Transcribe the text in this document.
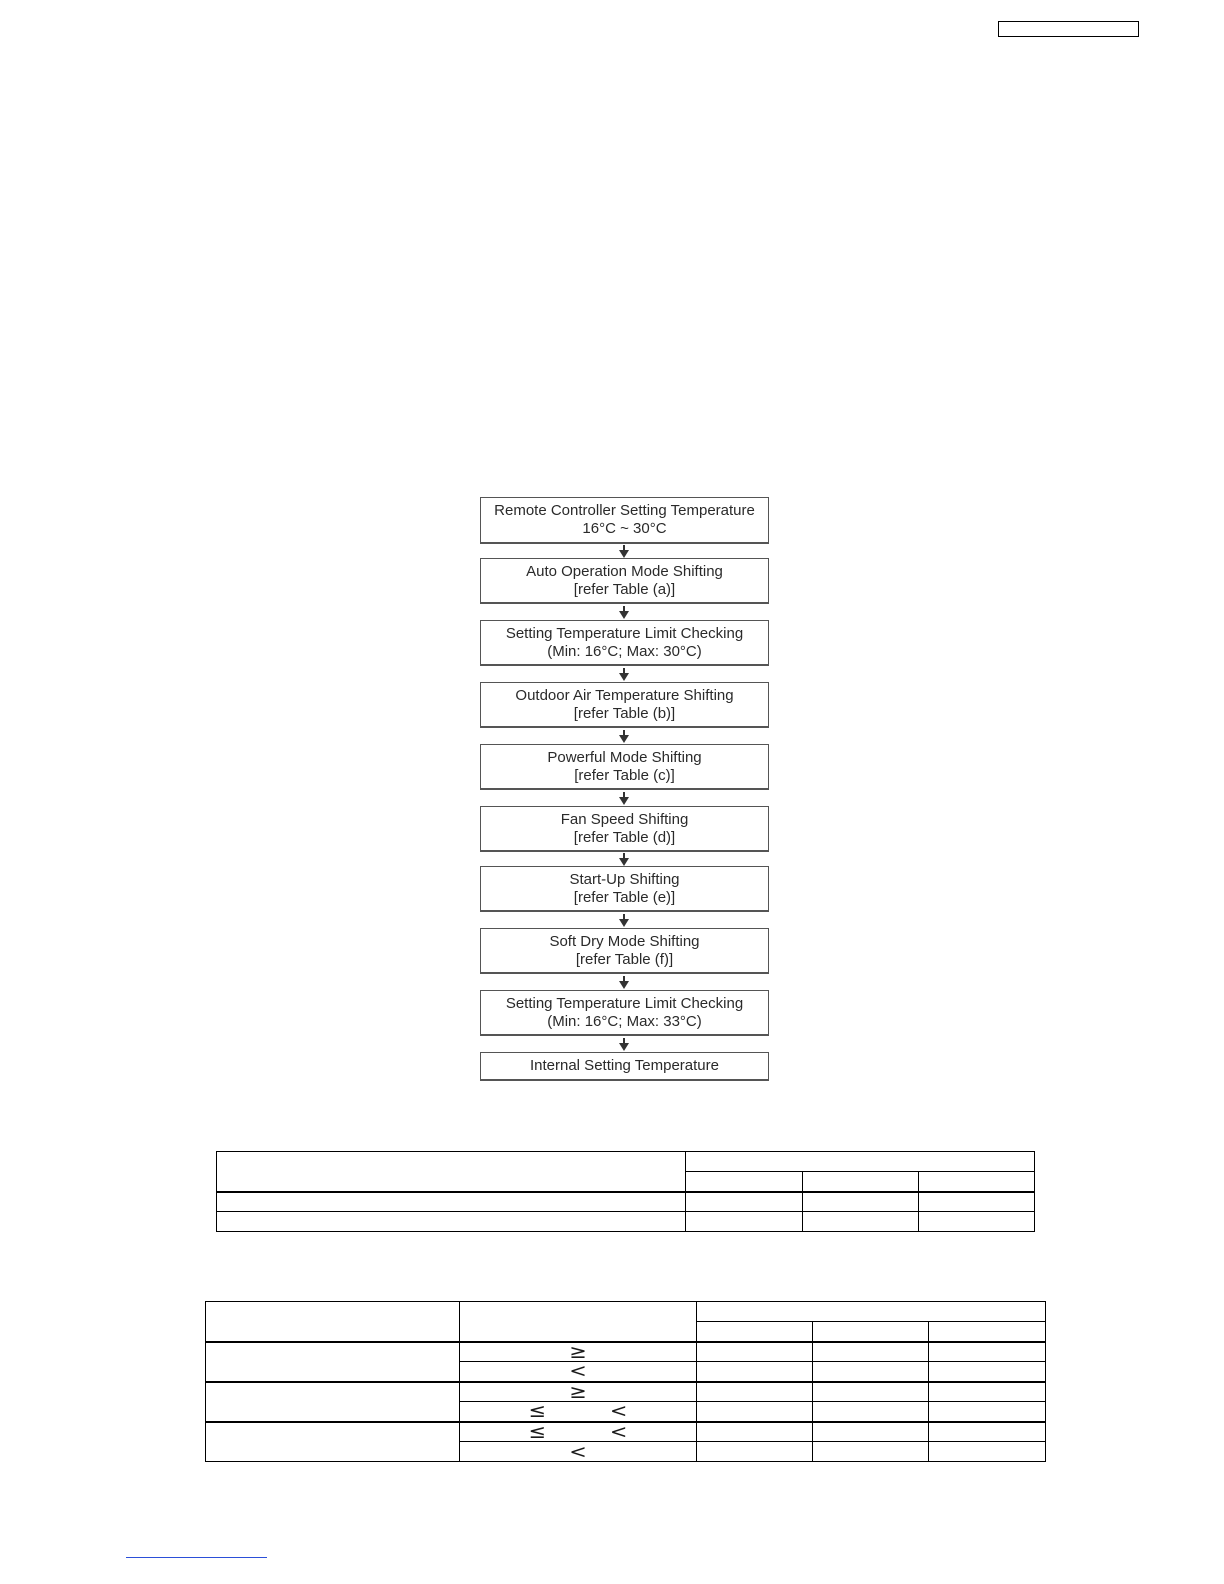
Remote Controller Setting Temperature
16°C ~ 30°C
Auto Operation Mode Shifting
[refer Table (a)]
Setting Temperature Limit Checking
(Min: 16°C; Max: 30°C)
Outdoor Air Temperature Shifting
[refer Table (b)]
Powerful Mode Shifting
[refer Table (c)]
Fan Speed Shifting
[refer Table (d)]
Start-Up Shifting
[refer Table (e)]
Soft Dry Mode Shifting
[refer Table (f)]
Setting Temperature Limit Checking
(Min: 16°C; Max: 33°C)
Internal Setting Temperature

	≥			

	<			

	≥			

	≤ <			

	≤ <			

	<			
